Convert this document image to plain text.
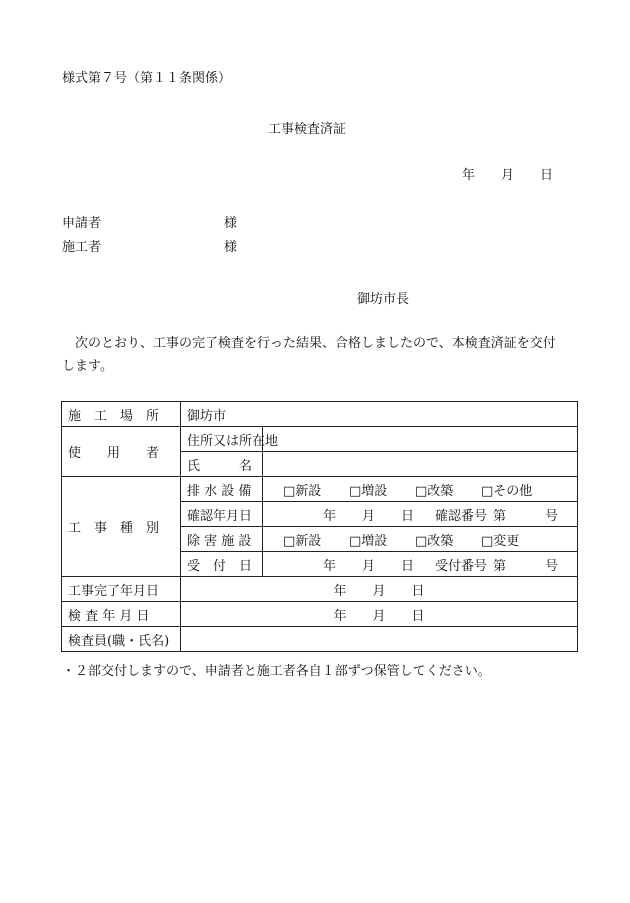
様式第７号（第１１条関係）
工事検査済証
年　　月　　日
申請者	様
施工者	様
御坊市長
次のとおり、工事の完了検査を行った結果、合格しましたので、本検査済証を交付します。
施　工　場　所	御坊市	
使　　用　　者	住所又は所在地	
	氏　　　名	
工　事　種　別	排 水 設 備	□新設 □増設 □改築 □その他
	確認年月日	年　　月　　日 確認番号 第　　　号
	除 害 施 設	□新設 □増設 □改築 □変更
	受　付　日	年　　月　　日 受付番号 第　　　号
工事完了年月日	年　　月　　日	
検 査 年 月 日	年　　月　　日	
検査員(職・氏名)		
・２部交付しますので、申請者と施工者各自１部ずつ保管してください。
